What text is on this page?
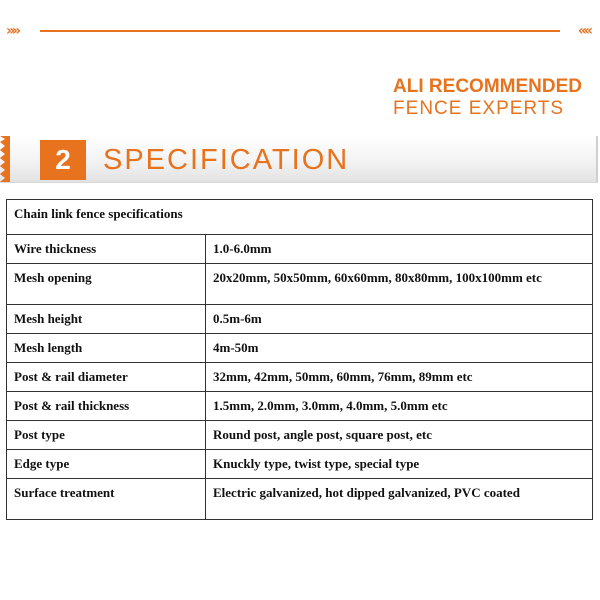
»»	««
ALI RECOMMENDED
FENCE EXPERTS
2	SPECIFICATION
Chain link fence specifications	
Wire thickness	1.0-6.0mm
Mesh opening	20x20mm, 50x50mm, 60x60mm, 80x80mm, 100x100mm etc
Mesh height	0.5m-6m
Mesh length	4m-50m
Post & rail diameter	32mm, 42mm, 50mm, 60mm, 76mm, 89mm etc
Post & rail thickness	1.5mm, 2.0mm, 3.0mm, 4.0mm, 5.0mm etc
Post type	Round post, angle post, square post, etc
Edge type	Knuckly type, twist type, special type
Surface treatment	Electric galvanized, hot dipped galvanized, PVC coated
